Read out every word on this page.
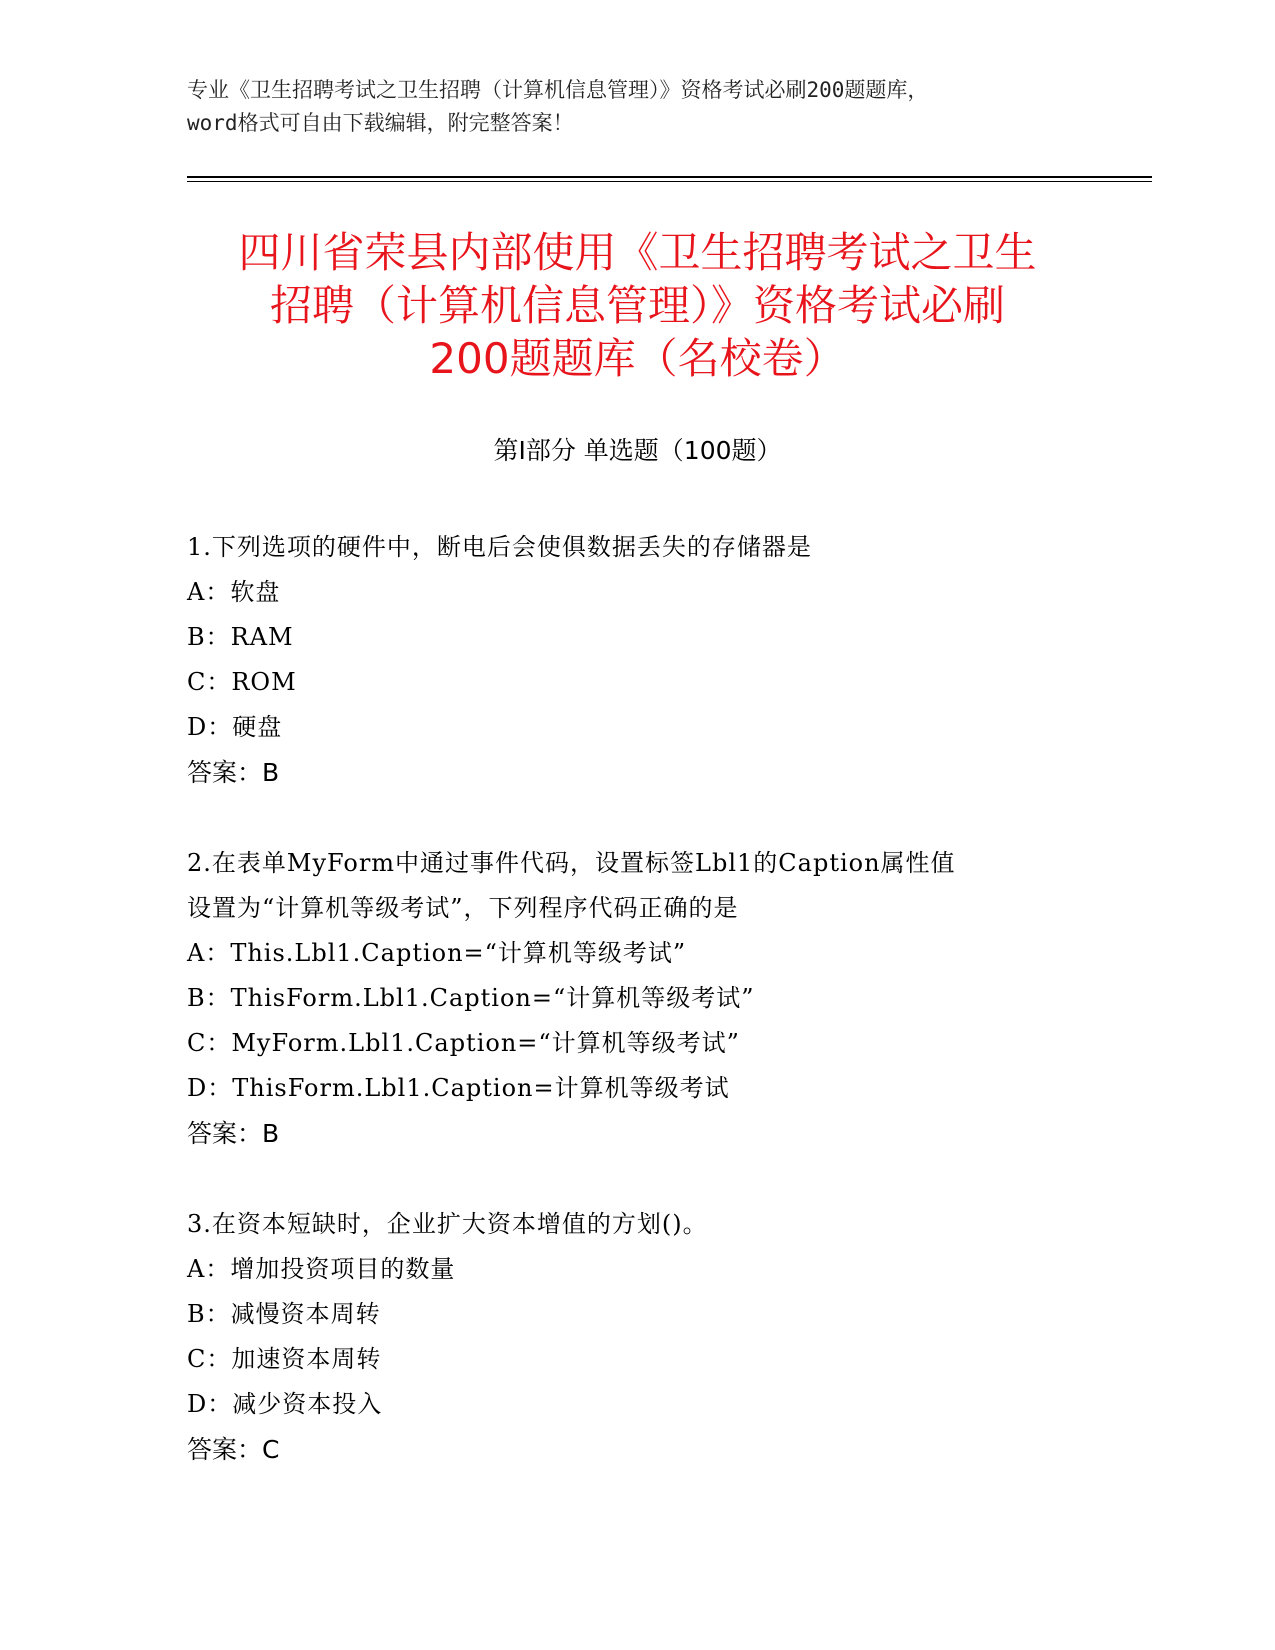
专业《卫生招聘考试之卫生招聘（计算机信息管理）》资格考试必刷200题题库，
word格式可自由下载编辑，附完整答案！
四川省荣县内部使用《卫生招聘考试之卫生
招聘（计算机信息管理）》资格考试必刷
200题题库（名校卷）
第Ⅰ部分 单选题（100题）
1.下列选项的硬件中，断电后会使俱数据丢失的存储器是
A：软盘
B：RAM
C：ROM
D：硬盘
答案：B
2.在表单MyForm中通过事件代码，设置标签Lbl1的Caption属性值
设置为“计算机等级考试”，下列程序代码正确的是
A：This.Lbl1.Caption=“计算机等级考试”
B：ThisForm.Lbl1.Caption=“计算机等级考试”
C：MyForm.Lbl1.Caption=“计算机等级考试”
D：ThisForm.Lbl1.Caption=计算机等级考试
答案：B
3.在资本短缺时，企业扩大资本增值的方划()。
A：增加投资项目的数量
B：减慢资本周转
C：加速资本周转
D：减少资本投入
答案：C
